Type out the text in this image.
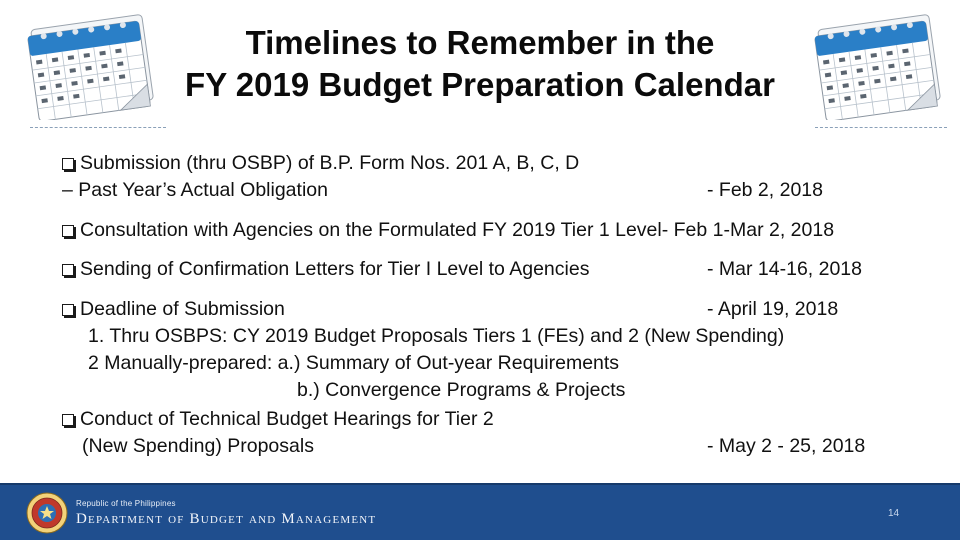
Timelines to Remember in the
FY 2019 Budget Preparation Calendar
Submission (thru OSBP) of B.P. Form Nos. 201 A, B, C, D
– Past Year’s Actual Obligation	- Feb 2, 2018
Consultation with Agencies on the Formulated FY 2019 Tier 1 Level- Feb 1-Mar 2, 2018
Sending of Confirmation Letters for Tier I Level to Agencies	- Mar 14-16, 2018
Deadline of Submission	- April 19, 2018
1. Thru OSBPS: CY 2019 Budget Proposals Tiers 1 (FEs) and 2 (New Spending)
2 Manually-prepared: a.) Summary of Out-year Requirements
b.) Convergence Programs & Projects
Conduct of Technical Budget Hearings for Tier 2
(New Spending) Proposals	- May 2 - 25, 2018
Republic of the Philippines
Department of Budget and Management	14
